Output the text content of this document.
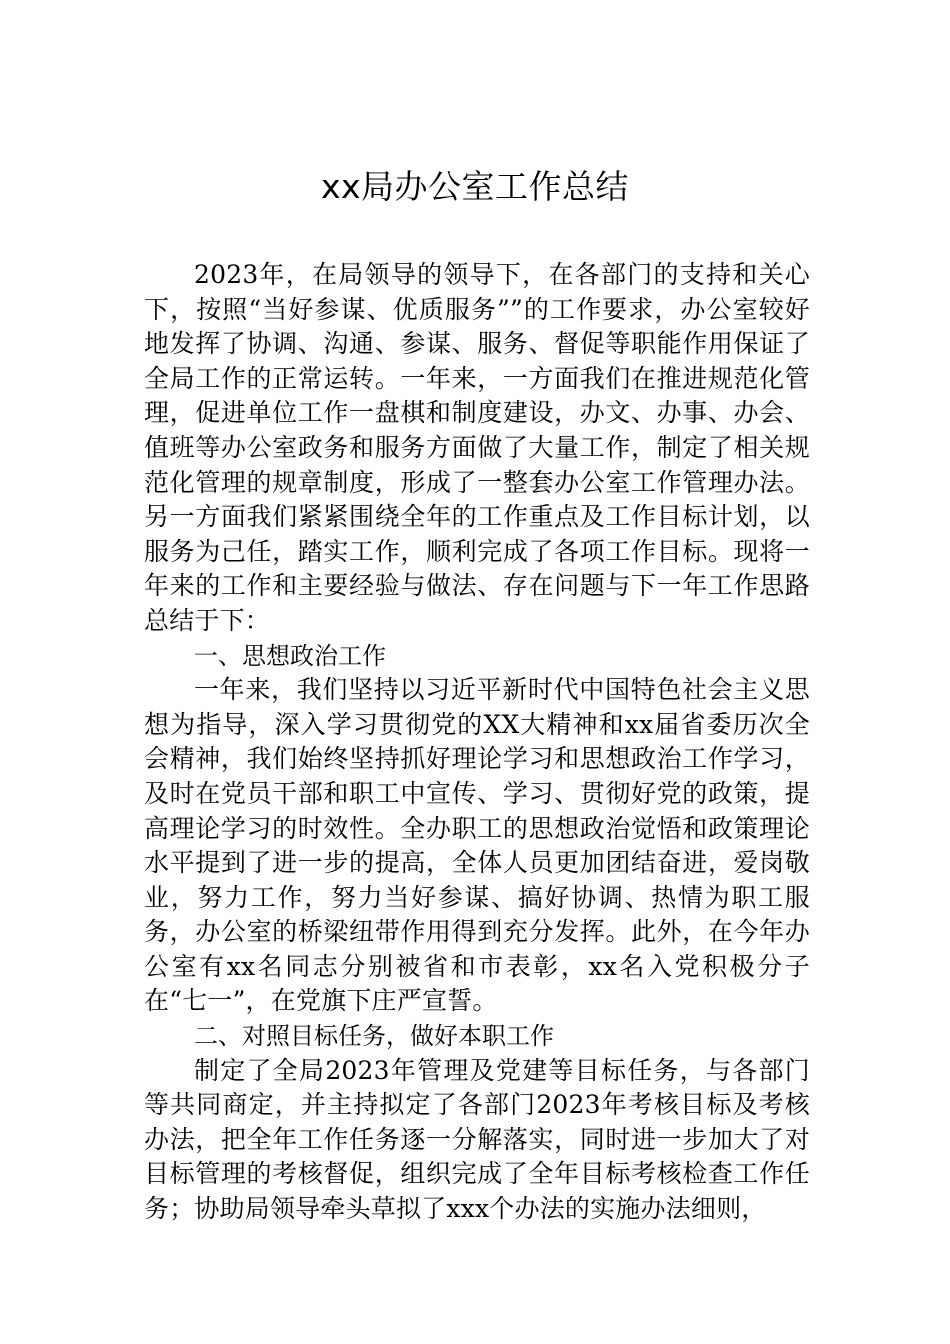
xx局办公室工作总结

2023年，在局领导的领导下，在各部门的支持和关心下，按照“当好参谋、优质服务””的工作要求，办公室较好地发挥了协调、沟通、参谋、服务、督促等职能作用保证了全局工作的正常运转。一年来，一方面我们在推进规范化管理，促进单位工作一盘棋和制度建设，办文、办事、办会、值班等办公室政务和服务方面做了大量工作，制定了相关规范化管理的规章制度，形成了一整套办公室工作管理办法。另一方面我们紧紧围绕全年的工作重点及工作目标计划，以服务为己任，踏实工作，顺利完成了各项工作目标。现将一年来的工作和主要经验与做法、存在问题与下一年工作思路总结于下：

一、思想政治工作

一年来，我们坚持以习近平新时代中国特色社会主义思想为指导，深入学习贯彻党的XX大精神和xx届省委历次全会精神，我们始终坚持抓好理论学习和思想政治工作学习，及时在党员干部和职工中宣传、学习、贯彻好党的政策，提高理论学习的时效性。全办职工的思想政治觉悟和政策理论水平提到了进一步的提高，全体人员更加团结奋进，爱岗敬业，努力工作，努力当好参谋、搞好协调、热情为职工服务，办公室的桥梁纽带作用得到充分发挥。此外，在今年办公室有xx名同志分别被省和市表彰，xx名入党积极分子在“七一”，在党旗下庄严宣誓。

二、对照目标任务，做好本职工作

制定了全局2023年管理及党建等目标任务，与各部门等共同商定，并主持拟定了各部门2023年考核目标及考核办法，把全年工作任务逐一分解落实，同时进一步加大了对目标管理的考核督促，组织完成了全年目标考核检查工作任务；协助局领导牵头草拟了xxx个办法的实施办法细则，
